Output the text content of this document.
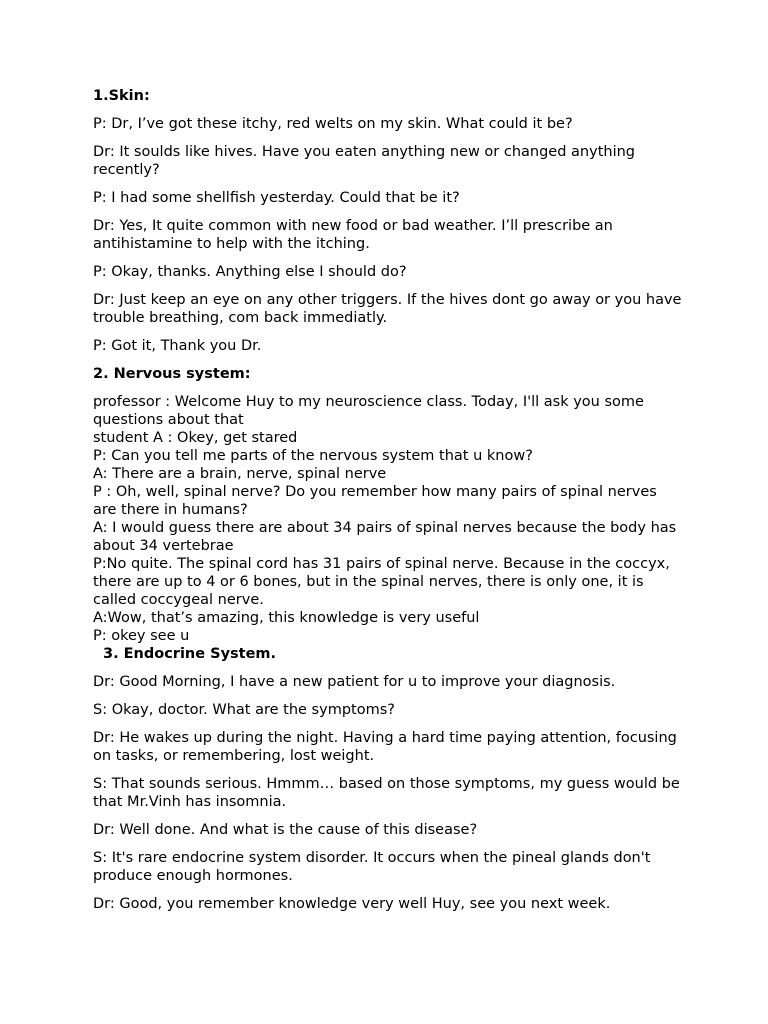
1.Skin:
P: Dr, I’ve got these itchy, red welts on my skin. What could it be?
Dr: It soulds like hives. Have you eaten anything new or changed anything recently?
P: I had some shellfish yesterday. Could that be it?
Dr: Yes, It quite common with new food or bad weather. I’ll prescribe an antihistamine to help with the itching.
P: Okay, thanks. Anything else I should do?
Dr: Just keep an eye on any other triggers. If the hives dont go away or you have trouble breathing, com back immediatly.
P: Got it, Thank you Dr.
2. Nervous system:
professor : Welcome Huy to my neuroscience class. Today, I'll ask you some questions about that
student A : Okey, get stared
P: Can you tell me parts of the nervous system that u know?
A: There are a brain, nerve, spinal nerve
P : Oh, well, spinal nerve? Do you remember how many pairs of spinal nerves are there in humans?
A: I would guess there are about 34 pairs of spinal nerves because the body has about 34 vertebrae
P:No quite. The spinal cord has 31 pairs of spinal nerve. Because in the coccyx, there are up to 4 or 6 bones, but in the spinal nerves, there is only one, it is called coccygeal nerve.
A:Wow, that’s amazing, this knowledge is very useful
P: okey see u
3. Endocrine System.
Dr: Good Morning, I have a new patient for u to improve your diagnosis.
S: Okay, doctor. What are the symptoms?
Dr: He wakes up during the night. Having a hard time paying attention, focusing on tasks, or remembering, lost weight.
S: That sounds serious. Hmmm… based on those symptoms, my guess would be that Mr.Vinh has insomnia.
Dr: Well done. And what is the cause of this disease?
S: It's rare endocrine system disorder. It occurs when the pineal glands don't produce enough hormones.
Dr: Good, you remember knowledge very well Huy, see you next week.
